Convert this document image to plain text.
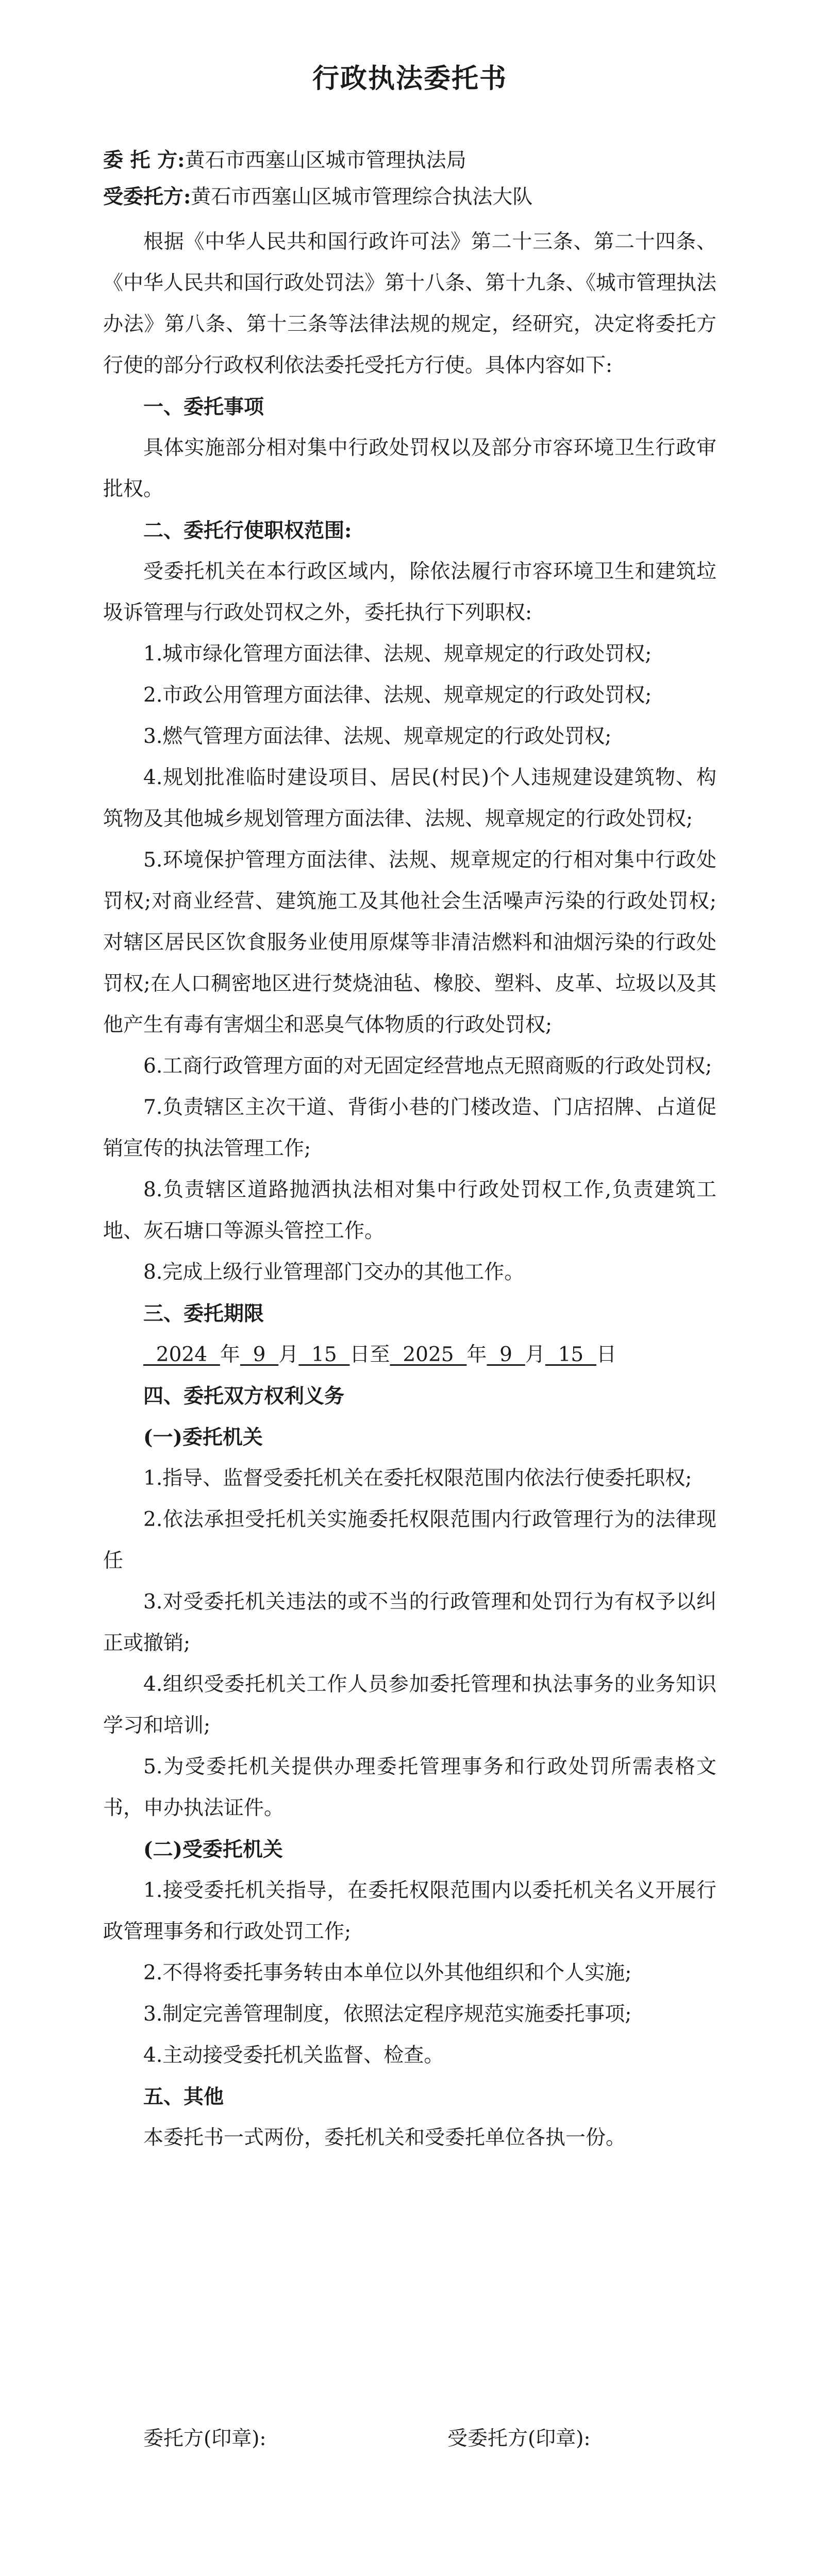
行政执法委托书
委 托 方:黄石市西塞山区城市管理执法局
受委托方:黄石市西塞山区城市管理综合执法大队

根据《中华人民共和国行政许可法》第二十三条、第二十四条、《中华人民共和国行政处罚法》第十八条、第十九条、《城市管理执法办法》第八条、第十三条等法律法规的规定，经研究，决定将委托方行使的部分行政权利依法委托受托方行使。具体内容如下:

一、委托事项

具体实施部分相对集中行政处罚权以及部分市容环境卫生行政审批权。

二、委托行使职权范围:

受委托机关在本行政区域内，除依法履行市容环境卫生和建筑垃圾诉管理与行政处罚权之外，委托执行下列职权:

1.城市绿化管理方面法律、法规、规章规定的行政处罚权;

2.市政公用管理方面法律、法规、规章规定的行政处罚权;

3.燃气管理方面法律、法规、规章规定的行政处罚权;

4.规划批准临时建设项目、居民(村民)个人违规建设建筑物、构筑物及其他城乡规划管理方面法律、法规、规章规定的行政处罚权;

5.环境保护管理方面法律、法规、规章规定的行相对集中行政处罚权;对商业经营、建筑施工及其他社会生活噪声污染的行政处罚权;对辖区居民区饮食服务业使用原煤等非清洁燃料和油烟污染的行政处罚权;在人口稠密地区进行焚烧油毡、橡胶、塑料、皮革、垃圾以及其他产生有毒有害烟尘和恶臭气体物质的行政处罚权;

6.工商行政管理方面的对无固定经营地点无照商贩的行政处罚权;

7.负责辖区主次干道、背街小巷的门楼改造、门店招牌、占道促销宣传的执法管理工作;

8.负责辖区道路抛洒执法相对集中行政处罚权工作,负责建筑工地、灰石塘口等源头管控工作。

8.完成上级行业管理部门交办的其他工作。

三、委托期限

2024  年  9  月  15  日至  2025  年  9  月  15  日

四、委托双方权利义务

(一)委托机关

1.指导、监督受委托机关在委托权限范围内依法行使委托职权;

2.依法承担受托机关实施委托权限范围内行政管理行为的法律现任

3.对受委托机关违法的或不当的行政管理和处罚行为有权予以纠正或撤销;

4.组织受委托机关工作人员参加委托管理和执法事务的业务知识学习和培训;

5.为受委托机关提供办理委托管理事务和行政处罚所需表格文书，申办执法证件。

(二)受委托机关

1.接受委托机关指导，在委托权限范围内以委托机关名义开展行政管理事务和行政处罚工作;

2.不得将委托事务转由本单位以外其他组织和个人实施;

3.制定完善管理制度，依照法定程序规范实施委托事项;

4.主动接受委托机关监督、检查。

五、其他

本委托书一式两份，委托机关和受委托单位各执一份。

委托方(印章):	受委托方(印章):
